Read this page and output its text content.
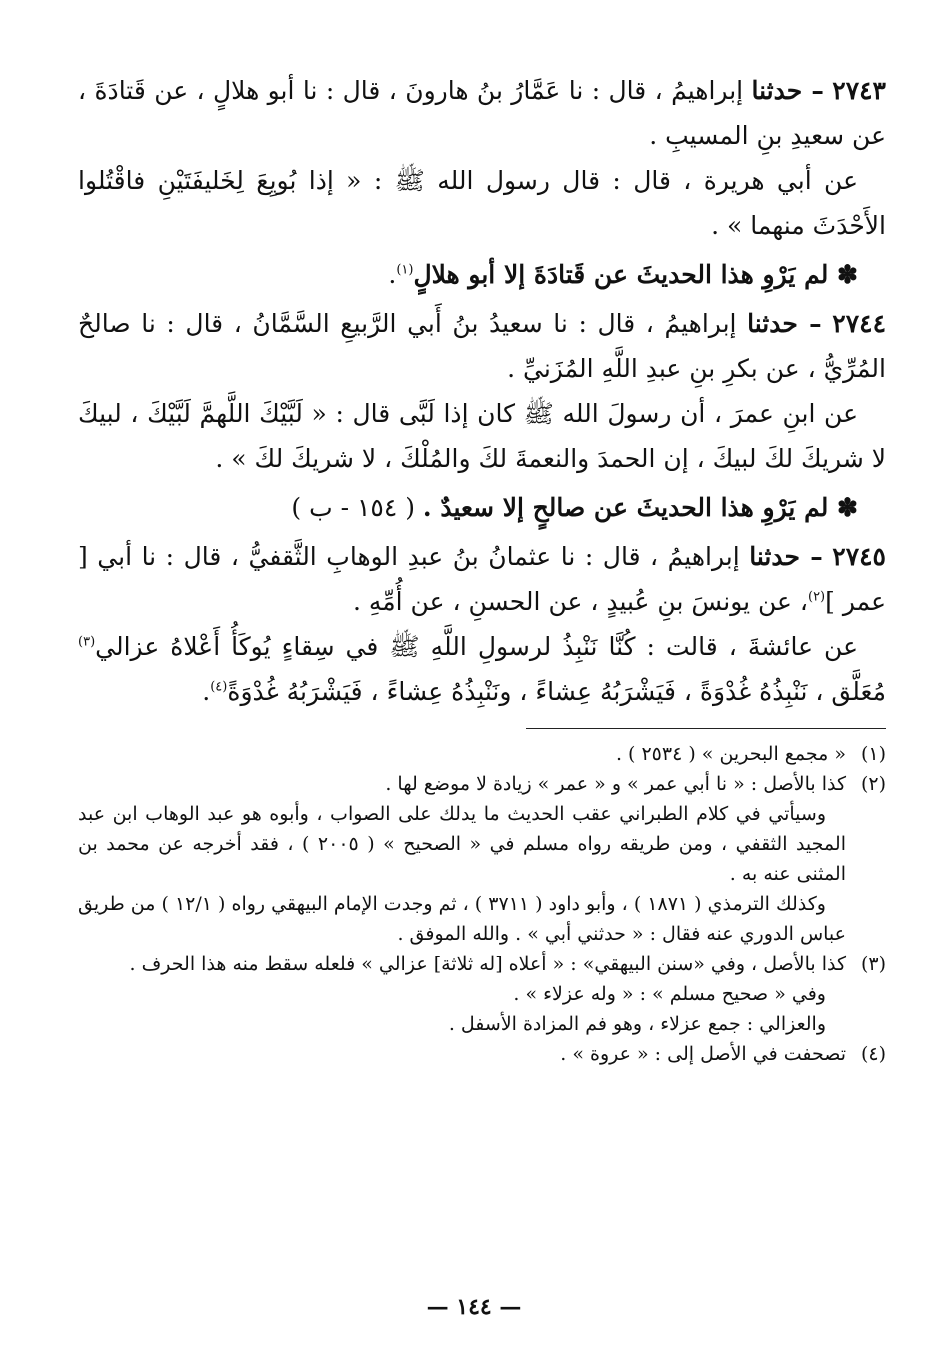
٢٧٤٣ – حدثنا إبراهيمُ ، قال : نا عَمَّارُ بنُ هارونَ ، قال : نا أبو هلالٍ ، عن قَتادَةَ ، عن سعيدِ بنِ المسيبِ .

عن أبي هريرة ، قال : قال رسول الله ﷺ : « إذا بُويِعَ لِخَليفَتَيْنِ فاقْتُلوا الأَحْدَثَ منهما » .

✽ لم يَرْوِ هذا الحديثَ عن قَتادَةَ إلا أبو هلالٍ$^{(١)}$.

٢٧٤٤ – حدثنا إبراهيمُ ، قال : نا سعيدُ بنُ أَبي الرَّبيعِ السَّمَّانُ ، قال : نا صالحٌ المُرِّيُّ ، عن بكرِ بنِ عبدِ اللَّهِ المُزَنيِّ .

عن ابنِ عمرَ ، أن رسولَ الله ﷺ كان إذا لَبَّى قال : « لَبَّيْكَ اللَّهمَّ لَبَّيْكَ ، لبيكَ لا شريكَ لكَ لبيكَ ، إن الحمدَ والنعمةَ لكَ والمُلْكَ ، لا شريكَ لكَ » .

✽ لم يَرْوِ هذا الحديثَ عن صالحٍ إلا سعيدٌ . ( ١٥٤ - ب )

٢٧٤٥ – حدثنا إبراهيمُ ، قال : نا عثمانُ بنُ عبدِ الوهابِ الثَّقفيُّ ، قال : نا أبي [ عمر ]$^{(٢)}$، عن يونسَ بنِ عُبيدٍ ، عن الحسنِ ، عن أُمِّهِ .

عن عائشةَ ، قالت : كُنَّا نَنْبِذُ لرسولِ اللَّهِ ﷺ في سِقاءٍ يُوكَأُ أَعْلاهُ عزالي$^{(٣)}$ مُعَلَّق ، نَنْبِذُهُ غُدْوَةً ، فَيَشْرَبُهُ عِشاءً ، ونَنْبِذُهُ عِشاءً ، فَيَشْرَبُهُ غُدْوَةً$^{(٤)}$.

(١)« مجمع البحرين » ( ٢٥٣٤ ) .

(٢)كذا بالأصل : « نا أبي عمر » و « عمر » زيادة لا موضع لها .

وسيأتي في كلام الطبراني عقب الحديث ما يدلك على الصواب ، وأبوه هو عبد الوهاب ابن عبد المجيد الثقفي ، ومن طريقه رواه مسلم في « الصحيح » ( ٢٠٠٥ ) ، فقد أخرجه عن محمد بن المثنى عنه به .

وكذلك الترمذي ( ١٨٧١ ) ، وأبو داود ( ٣٧١١ ) ، ثم وجدت الإمام البيهقي رواه ( ١٢/١ ) من طريق عباس الدوري عنه فقال : « حدثني أبي » . والله الموفق .

(٣)كذا بالأصل ، وفي «سنن البيهقي» : « أعلاه [له ثلاثة] عزالي » فلعله سقط منه هذا الحرف .

وفي « صحيح مسلم » : « وله عزلاء » .

والعزالي : جمع عزلاء ، وهو فم المزادة الأسفل .

(٤)تصحفت في الأصل إلى : « عروة » .

— ١٤٤ —
